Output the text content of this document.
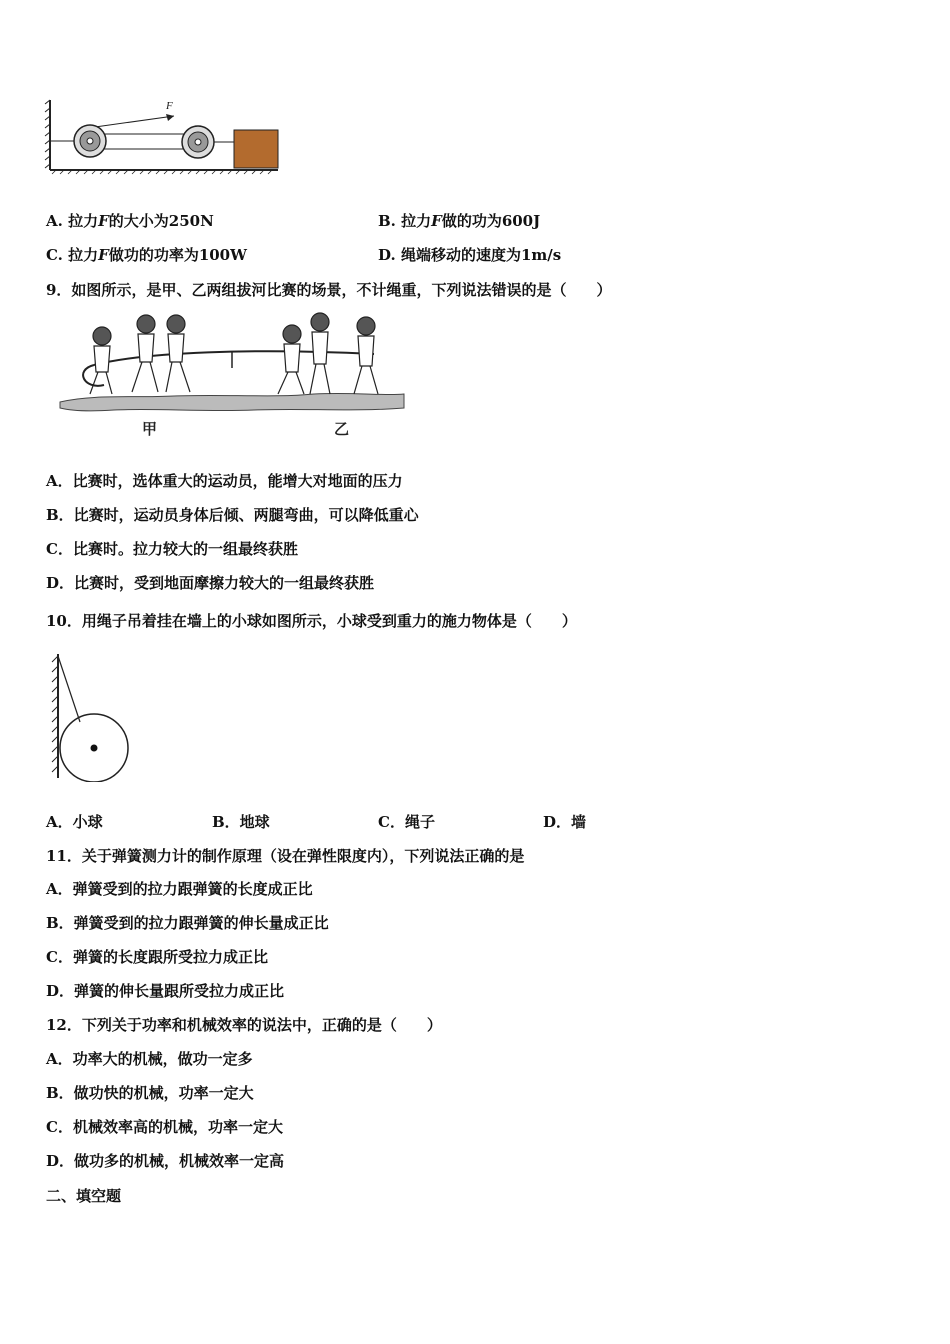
F
A. 拉力F的大小为250N	B. 拉力F做的功为600J
C. 拉力F做功的功率为100W	D. 绳端移动的速度为1m/s
9．如图所示，是甲、乙两组拔河比赛的场景，不计绳重，下列说法错误的是（　　）
甲	乙
A．比赛时，选体重大的运动员，能增大对地面的压力
B．比赛时，运动员身体后倾、两腿弯曲，可以降低重心
C．比赛时。拉力较大的一组最终获胜
D．比赛时，受到地面摩擦力较大的一组最终获胜
10．用绳子吊着挂在墙上的小球如图所示，小球受到重力的施力物体是（　　）
A．小球	B．地球	C．绳子	D．墙
11．关于弹簧测力计的制作原理（设在弹性限度内），下列说法正确的是
A．弹簧受到的拉力跟弹簧的长度成正比
B．弹簧受到的拉力跟弹簧的伸长量成正比
C．弹簧的长度跟所受拉力成正比
D．弹簧的伸长量跟所受拉力成正比
12．下列关于功率和机械效率的说法中，正确的是（　　）
A．功率大的机械，做功一定多
B．做功快的机械，功率一定大
C．机械效率高的机械，功率一定大
D．做功多的机械，机械效率一定高
二、填空题
